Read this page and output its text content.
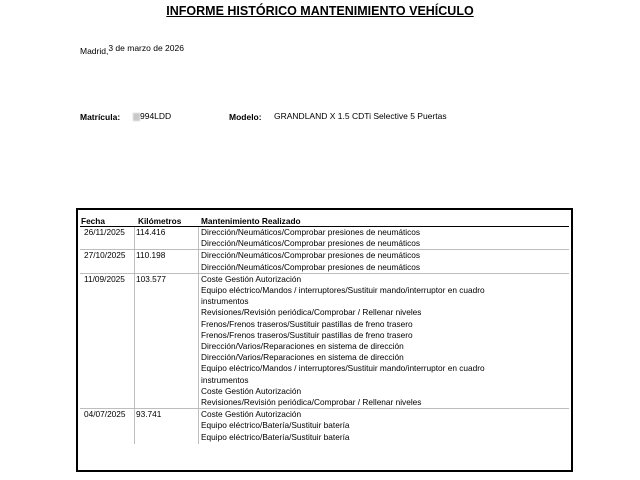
INFORME HISTÓRICO MANTENIMIENTO VEHÍCULO
Madrid,3 de marzo de 2026
Matrícula:	994LDD	Modelo: GRANDLAND X 1.5 CDTi Selective 5 Puertas
Fecha	Kilómetros Mantenimiento Realizado
26/11/2025 114.416	Dirección/Neumáticos/Comprobar presiones de neumáticos
Dirección/Neumáticos/Comprobar presiones de neumáticos
27/10/2025 110.198	Dirección/Neumáticos/Comprobar presiones de neumáticos
Dirección/Neumáticos/Comprobar presiones de neumáticos
11/09/2025 103.577	Coste Gestión Autorización
Equipo eléctrico/Mandos / interruptores/Sustituir mando/interruptor en cuadro instrumentos
Revisiones/Revisión periódica/Comprobar / Rellenar niveles
Frenos/Frenos traseros/Sustituir pastillas de freno trasero
Frenos/Frenos traseros/Sustituir pastillas de freno trasero
Dirección/Varios/Reparaciones en sistema de dirección
Dirección/Varios/Reparaciones en sistema de dirección
Equipo eléctrico/Mandos / interruptores/Sustituir mando/interruptor en cuadro instrumentos
Coste Gestión Autorización
Revisiones/Revisión periódica/Comprobar / Rellenar niveles
04/07/2025 93.741	Coste Gestión Autorización
Equipo eléctrico/Batería/Sustituir batería
Equipo eléctrico/Batería/Sustituir batería
